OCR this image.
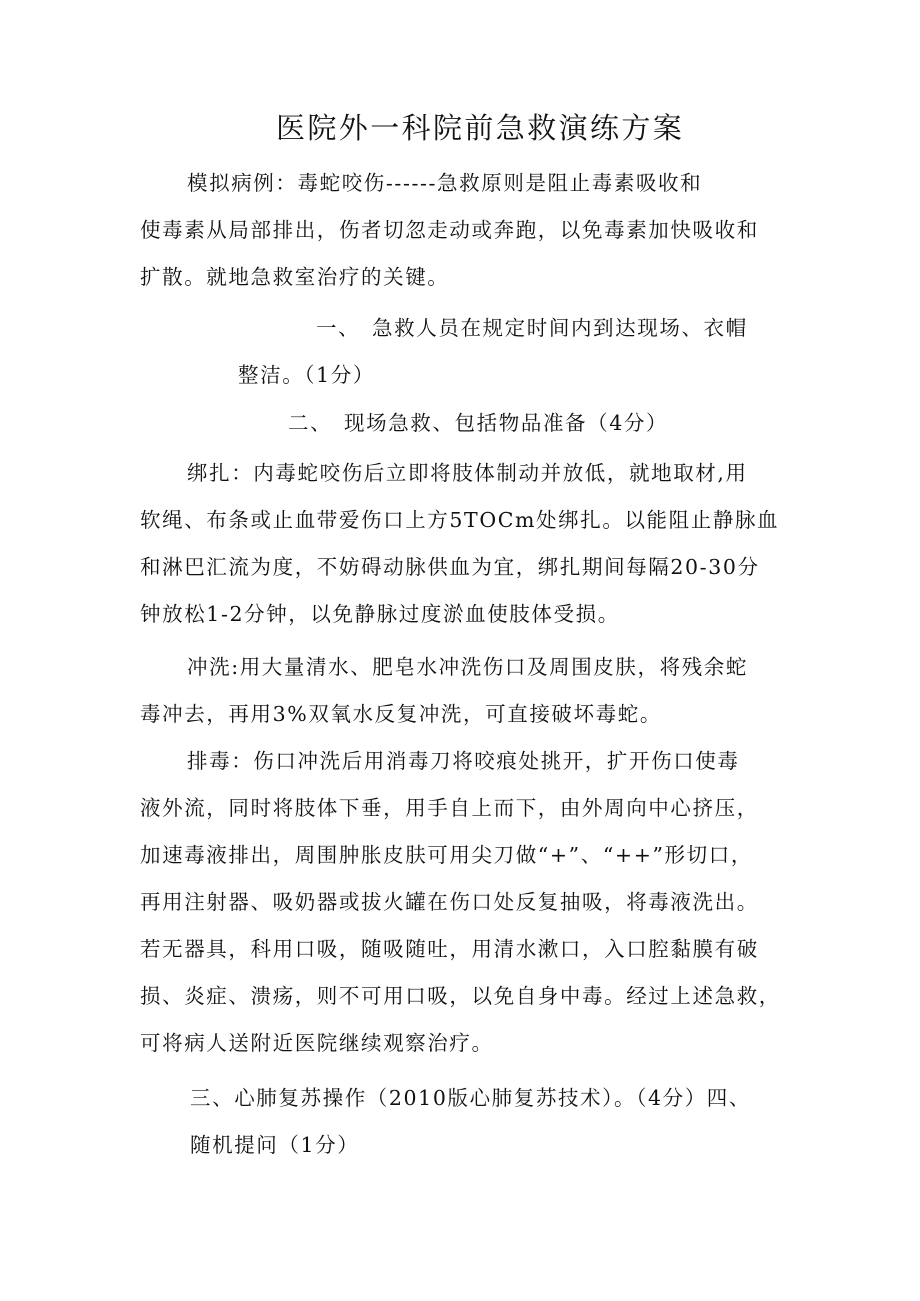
医院外一科院前急救演练方案
模拟病例：毒蛇咬伤------急救原则是阻止毒素吸收和
使毒素从局部排出，伤者切忽走动或奔跑，以免毒素加快吸收和
扩散。就地急救室治疗的关键。
一、　急救人员在规定时间内到达现场、衣帽
整洁。（1分）
二、　现场急救、包括物品准备（4分）
绑扎：内毒蛇咬伤后立即将肢体制动并放低，就地取材,用
软绳、布条或止血带爱伤口上方5TOCm处绑扎。以能阻止静脉血
和淋巴汇流为度，不妨碍动脉供血为宜，绑扎期间每隔20-30分
钟放松1-2分钟，以免静脉过度淤血使肢体受损。
冲洗:用大量清水、肥皂水冲洗伤口及周围皮肤，将残余蛇
毒冲去，再用3%双氧水反复冲洗，可直接破坏毒蛇。
排毒：伤口冲洗后用消毒刀将咬痕处挑开，扩开伤口使毒
液外流，同时将肢体下垂，用手自上而下，由外周向中心挤压，
加速毒液排出，周围肿胀皮肤可用尖刀做“+”、“++”形切口，
再用注射器、吸奶器或拔火罐在伤口处反复抽吸，将毒液洗出。
若无器具，科用口吸，随吸随吐，用清水漱口，入口腔黏膜有破
损、炎症、溃疡，则不可用口吸，以免自身中毒。经过上述急救，
可将病人送附近医院继续观察治疗。
三、心肺复苏操作（2010版心肺复苏技术）。（4分）四、
随机提问（1分）
